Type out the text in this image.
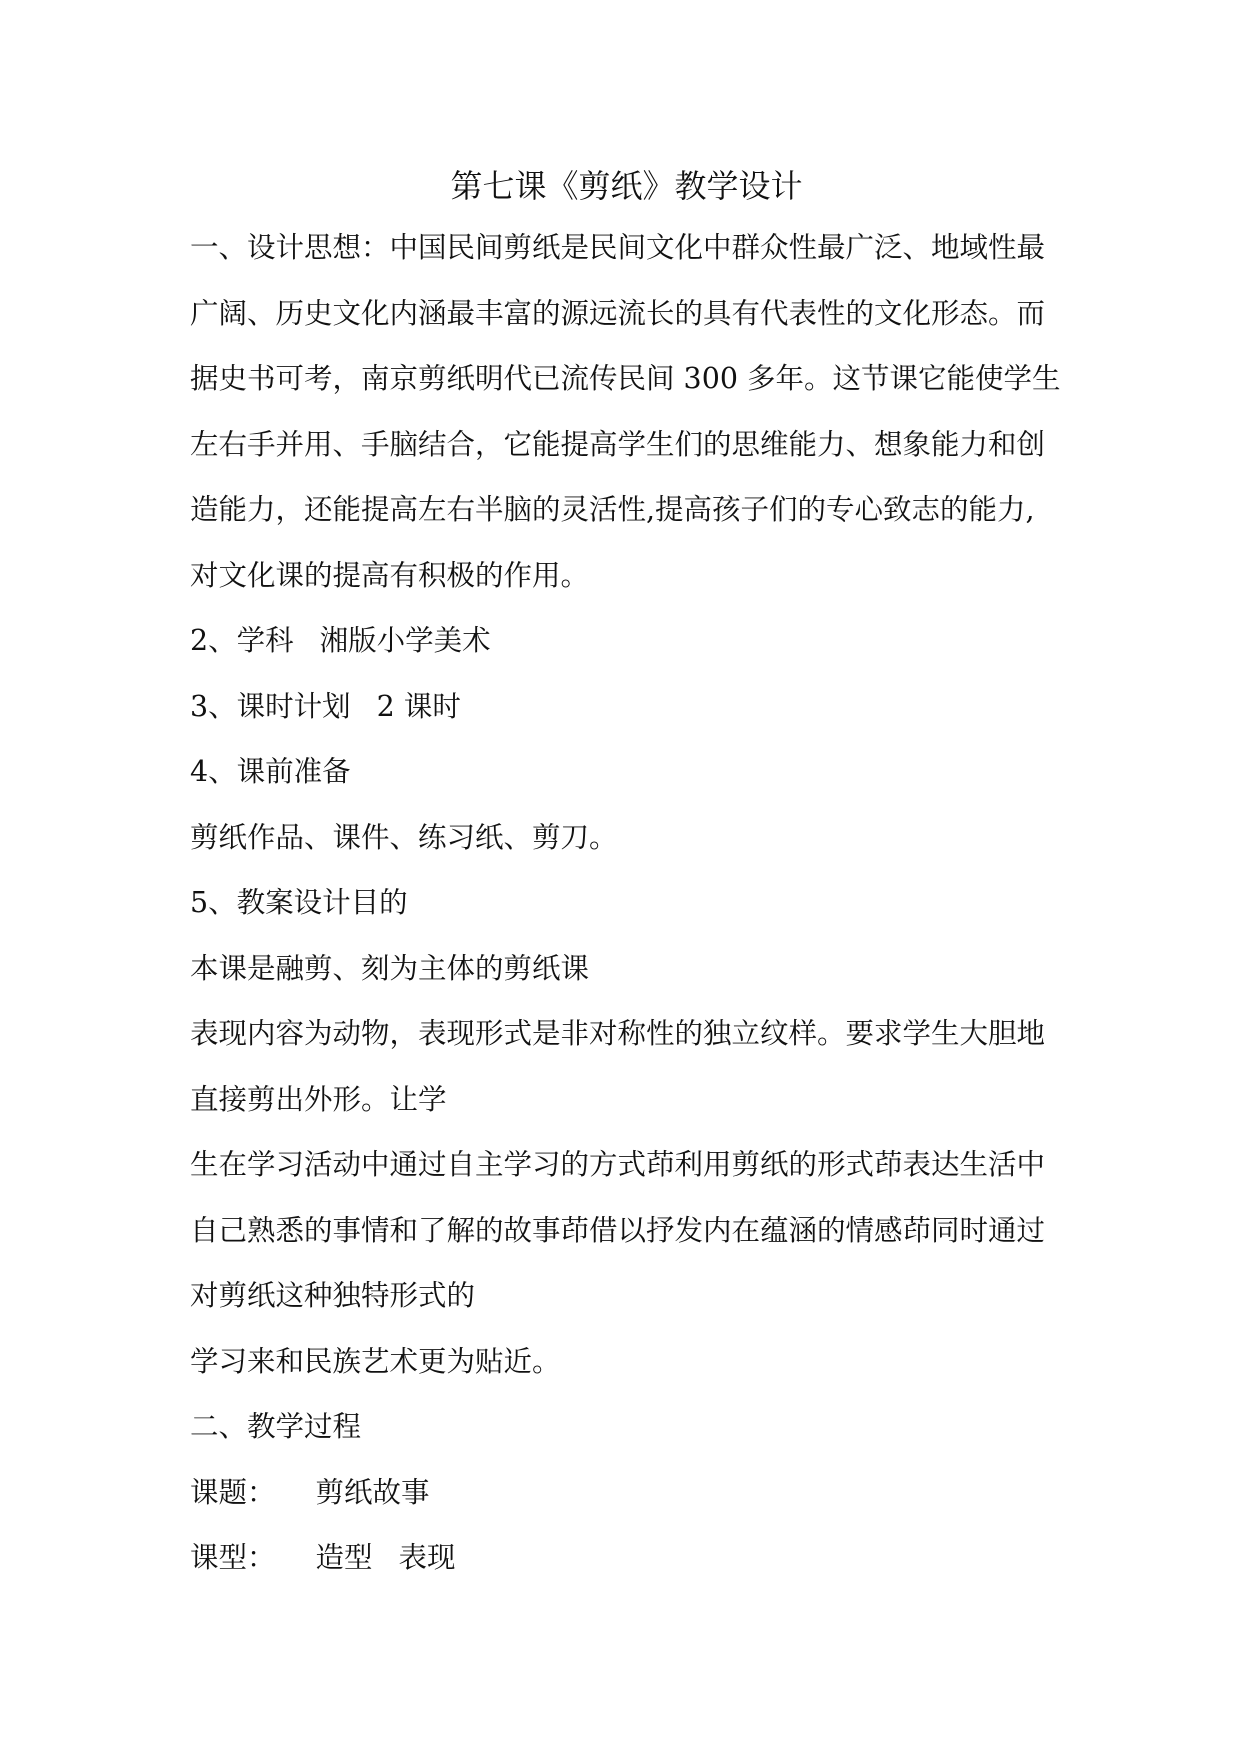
第七课《剪纸》教学设计
一、设计思想：中国民间剪纸是民间文化中群众性最广泛、地域性最
广阔、历史文化内涵最丰富的源远流长的具有代表性的文化形态。而
据史书可考，南京剪纸明代已流传民间 300 多年。这节课它能使学生
左右手并用、手脑结合，它能提高学生们的思维能力、想象能力和创
造能力，还能提高左右半脑的灵活性,提高孩子们的专心致志的能力,
对文化课的提高有积极的作用。
2、学科 湘版小学美术
3、课时计划 2 课时
4、课前准备
剪纸作品、课件、练习纸、剪刀。
5、教案设计目的
本课是融剪、刻为主体的剪纸课
表现内容为动物，表现形式是非对称性的独立纹样。要求学生大胆地
直接剪出外形。让学
生在学习活动中通过自主学习的方式茚利用剪纸的形式茚表达生活中
自己熟悉的事情和了解的故事茚借以抒发内在蕴涵的情感茚同时通过
对剪纸这种独特形式的
学习来和民族艺术更为贴近。
二、教学过程
课题： 剪纸故事
课型： 造型 表现
